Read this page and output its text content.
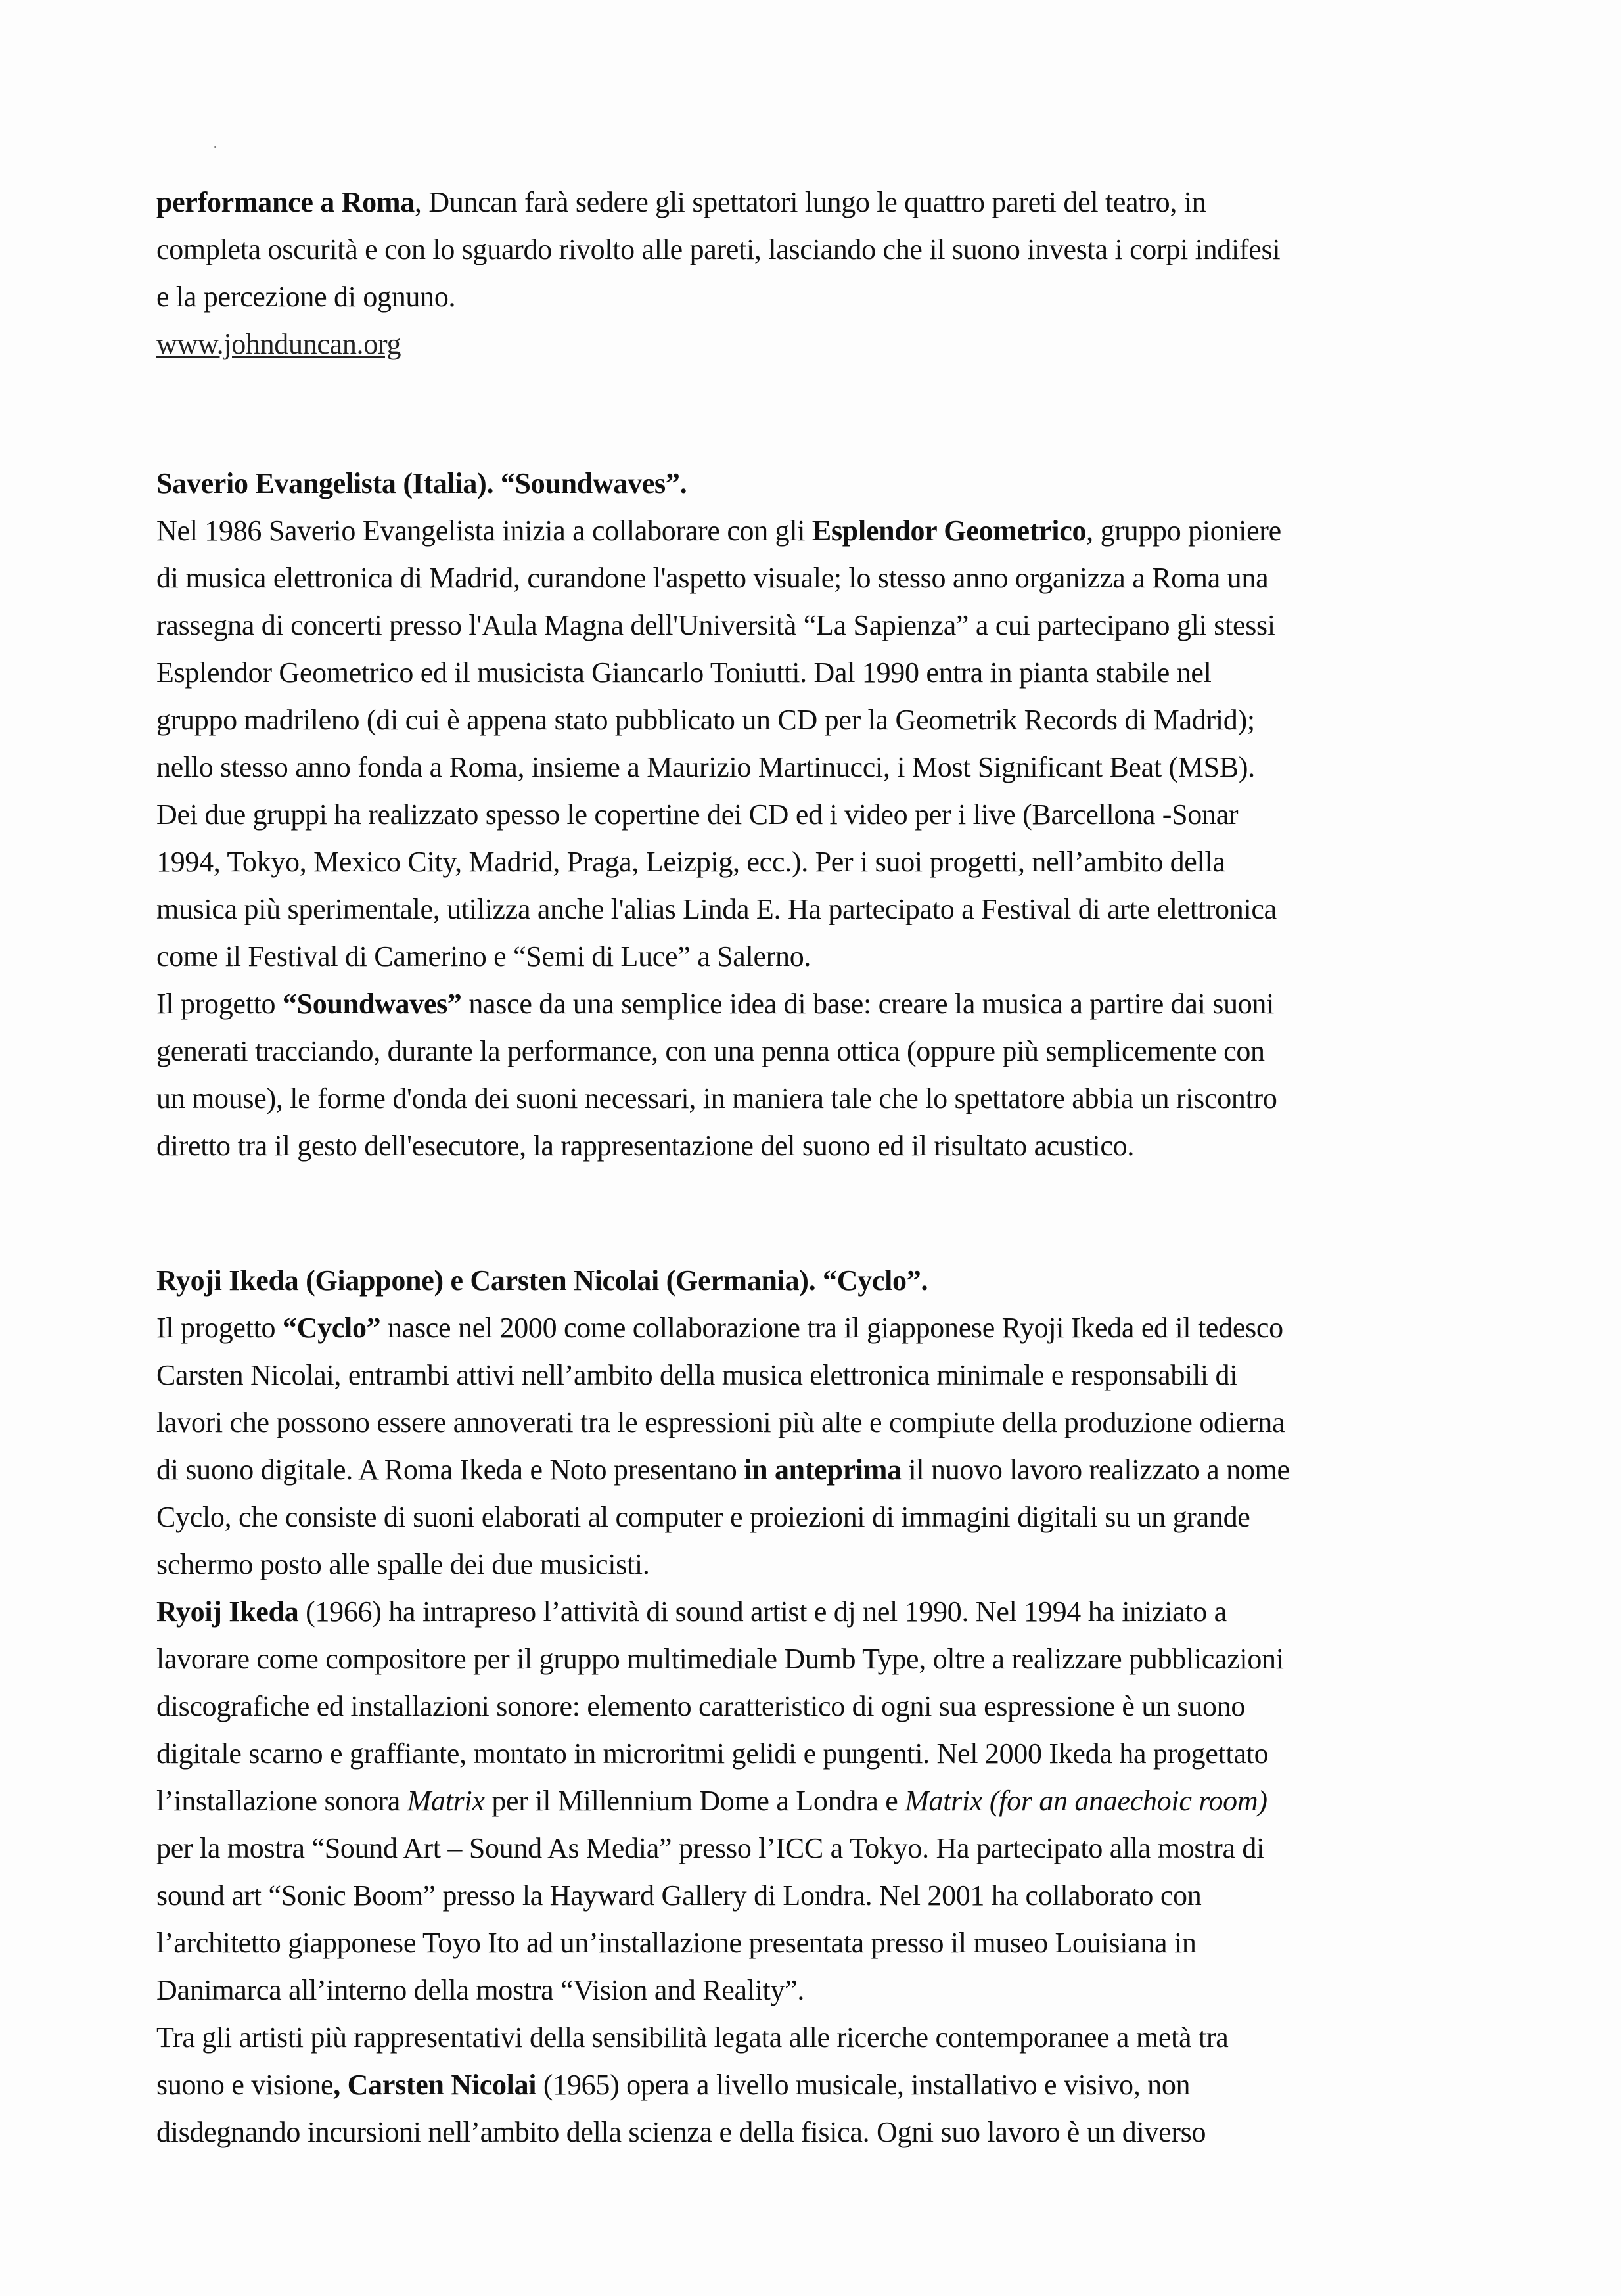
performance a Roma, Duncan farà sedere gli spettatori lungo le quattro pareti del teatro, in
completa oscurità e con lo sguardo rivolto alle pareti, lasciando che il suono investa i corpi indifesi
e la percezione di ognuno.
www.johnduncan.org
Saverio Evangelista (Italia). “Soundwaves”.
Nel 1986 Saverio Evangelista inizia a collaborare con gli Esplendor Geometrico, gruppo pioniere
di musica elettronica di Madrid, curandone l'aspetto visuale; lo stesso anno organizza a Roma una
rassegna di concerti presso l'Aula Magna dell'Università “La Sapienza” a cui partecipano gli stessi
Esplendor Geometrico ed il musicista Giancarlo Toniutti. Dal 1990 entra in pianta stabile nel
gruppo madrileno (di cui è appena stato pubblicato un CD per la Geometrik Records di Madrid);
nello stesso anno fonda a Roma, insieme a Maurizio Martinucci, i Most Significant Beat (MSB).
Dei due gruppi ha realizzato spesso le copertine dei CD ed i video per i live (Barcellona -Sonar
1994, Tokyo, Mexico City, Madrid, Praga, Leizpig, ecc.). Per i suoi progetti, nell’ambito della
musica più sperimentale, utilizza anche l'alias Linda E. Ha partecipato a Festival di arte elettronica
come il Festival di Camerino e “Semi di Luce” a Salerno.
Il progetto “Soundwaves” nasce da una semplice idea di base: creare la musica a partire dai suoni
generati tracciando, durante la performance, con una penna ottica (oppure più semplicemente con
un mouse), le forme d'onda dei suoni necessari, in maniera tale che lo spettatore abbia un riscontro
diretto tra il gesto dell'esecutore, la rappresentazione del suono ed il risultato acustico.
Ryoji Ikeda (Giappone) e Carsten Nicolai (Germania). “Cyclo”.
Il progetto “Cyclo” nasce nel 2000 come collaborazione tra il giapponese Ryoji Ikeda ed il tedesco
Carsten Nicolai, entrambi attivi nell’ambito della musica elettronica minimale e responsabili di
lavori che possono essere annoverati tra le espressioni più alte e compiute della produzione odierna
di suono digitale. A Roma Ikeda e Noto presentano in anteprima il nuovo lavoro realizzato a nome
Cyclo, che consiste di suoni elaborati al computer e proiezioni di immagini digitali su un grande
schermo posto alle spalle dei due musicisti.
Ryoij Ikeda (1966) ha intrapreso l’attività di sound artist e dj nel 1990. Nel 1994 ha iniziato a
lavorare come compositore per il gruppo multimediale Dumb Type, oltre a realizzare pubblicazioni
discografiche ed installazioni sonore: elemento caratteristico di ogni sua espressione è un suono
digitale scarno e graffiante, montato in microritmi gelidi e pungenti. Nel 2000 Ikeda ha progettato
l’installazione sonora Matrix per il Millennium Dome a Londra e Matrix (for an anaechoic room)
per la mostra “Sound Art – Sound As Media” presso l’ICC a Tokyo. Ha partecipato alla mostra di
sound art “Sonic Boom” presso la Hayward Gallery di Londra. Nel 2001 ha collaborato con
l’architetto giapponese Toyo Ito ad un’installazione presentata presso il museo Louisiana in
Danimarca all’interno della mostra “Vision and Reality”.
Tra gli artisti più rappresentativi della sensibilità legata alle ricerche contemporanee a metà tra
suono e visione, Carsten Nicolai (1965) opera a livello musicale, installativo e visivo, non
disdegnando incursioni nell’ambito della scienza e della fisica. Ogni suo lavoro è un diverso
